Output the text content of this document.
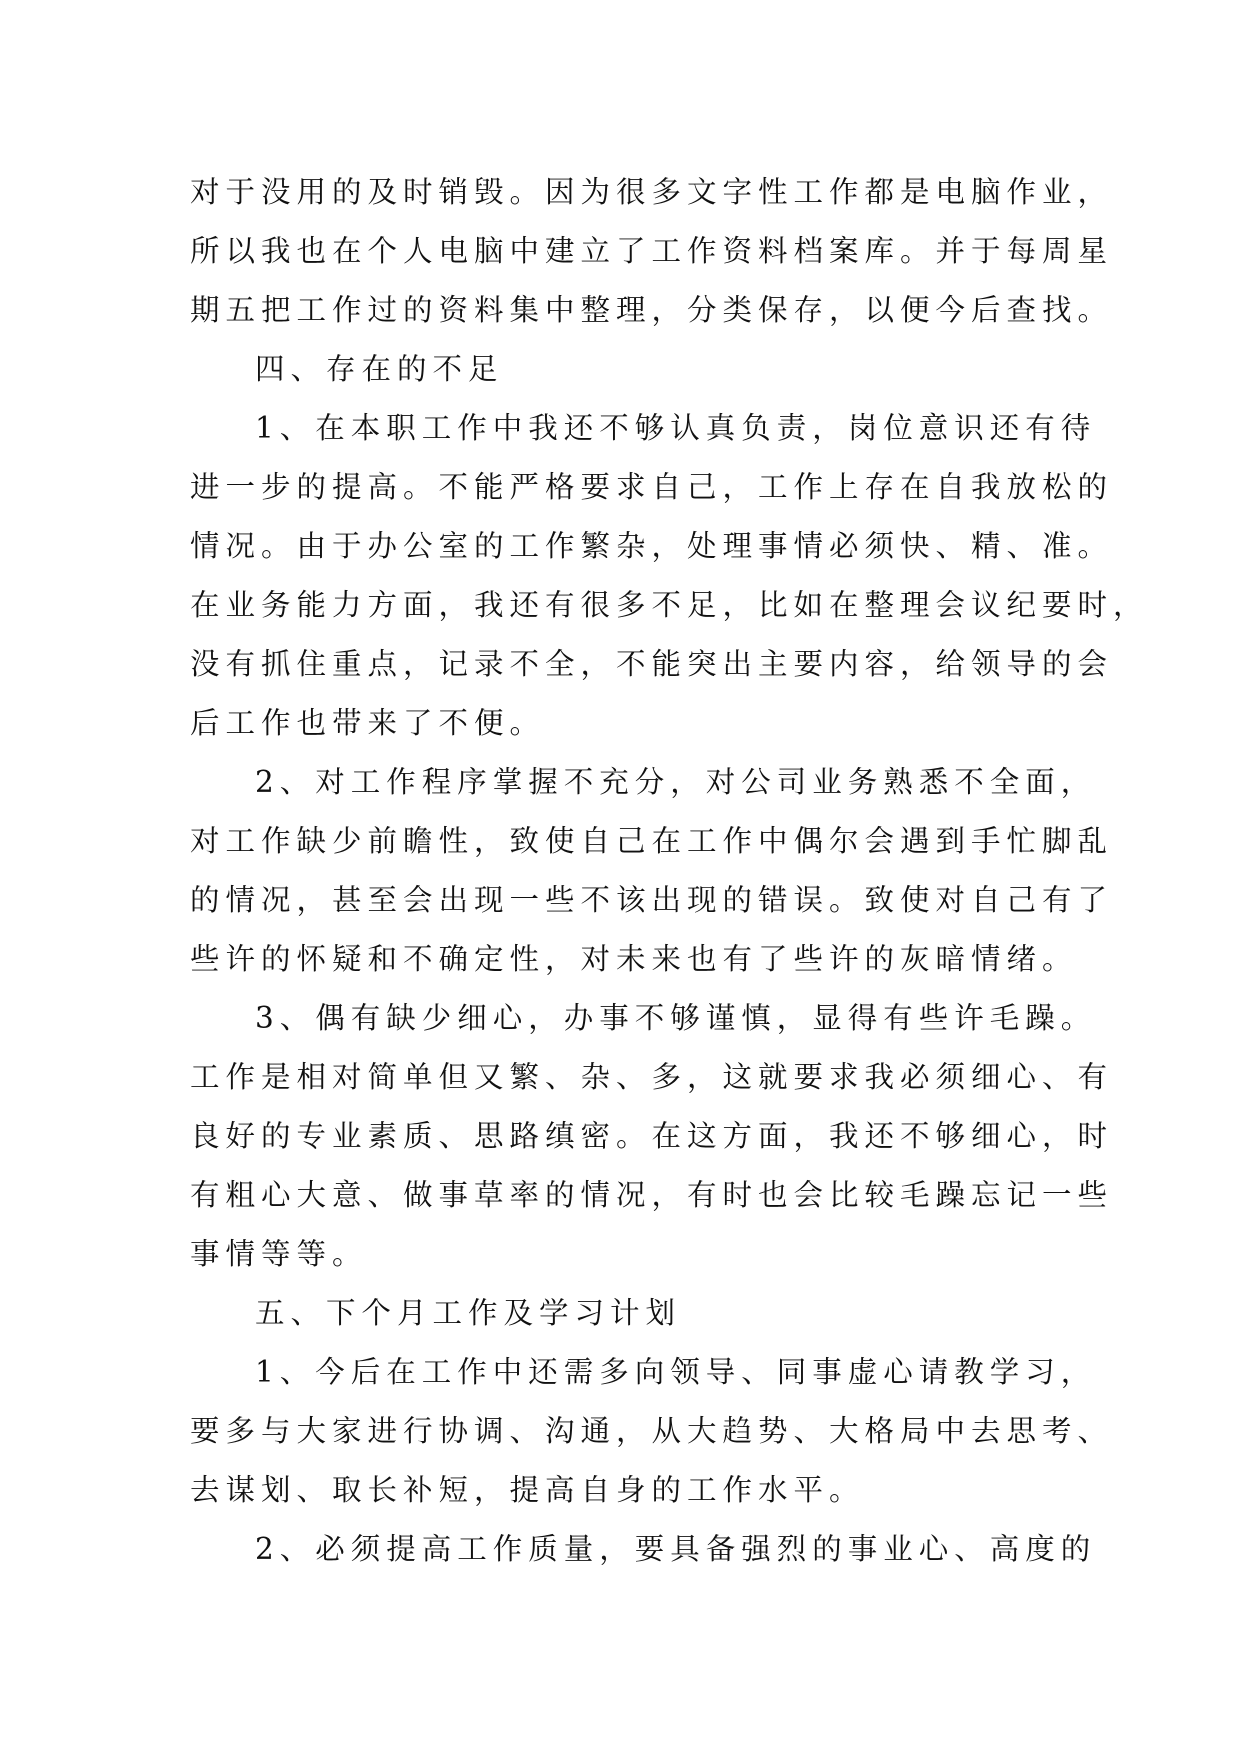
对于没用的及时销毁。因为很多文字性工作都是电脑作业，
所以我也在个人电脑中建立了工作资料档案库。并于每周星
期五把工作过的资料集中整理，分类保存，以便今后查找。
四、存在的不足
1、在本职工作中我还不够认真负责，岗位意识还有待
进一步的提高。不能严格要求自己，工作上存在自我放松的
情况。由于办公室的工作繁杂，处理事情必须快、精、准。
在业务能力方面，我还有很多不足，比如在整理会议纪要时，
没有抓住重点，记录不全，不能突出主要内容，给领导的会
后工作也带来了不便。
2、对工作程序掌握不充分，对公司业务熟悉不全面，
对工作缺少前瞻性，致使自己在工作中偶尔会遇到手忙脚乱
的情况，甚至会出现一些不该出现的错误。致使对自己有了
些许的怀疑和不确定性，对未来也有了些许的灰暗情绪。
3、偶有缺少细心，办事不够谨慎，显得有些许毛躁。
工作是相对简单但又繁、杂、多，这就要求我必须细心、有
良好的专业素质、思路缜密。在这方面，我还不够细心，时
有粗心大意、做事草率的情况，有时也会比较毛躁忘记一些
事情等等。
五、下个月工作及学习计划
1、今后在工作中还需多向领导、同事虚心请教学习，
要多与大家进行协调、沟通，从大趋势、大格局中去思考、
去谋划、取长补短，提高自身的工作水平。
2、必须提高工作质量，要具备强烈的事业心、高度的
